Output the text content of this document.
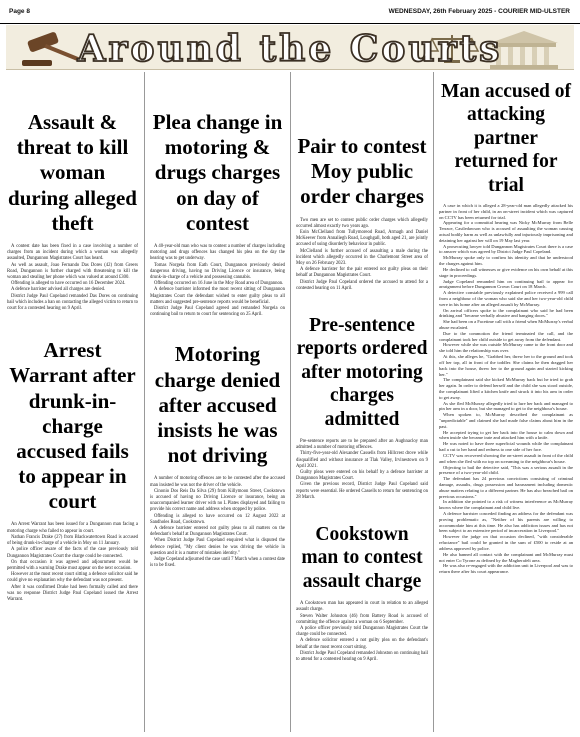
Page 8	WEDNESDAY, 26th February 2025 - COURIER MID-ULSTER
Around the Courts
Assault & threat to kill woman during alleged theft

A contest date has been fixed in a case involving a number of charges from an incident during which a woman was allegedly assaulted, Dungannon Magistrates Court has heard.

As well as assault, Joao Fernando Das Dores (42) from Greers Road, Dungannon is further charged with threatening to kill the woman and stealing her phone which was valued at around £300.

Offending is alleged to have occurred on 16 December 2024.

A defence barrister advised all charges are denied.

District Judge Paul Copeland remanded Das Dores on continuing bail which includes a ban on contacting the alleged victim to return to court for a contested hearing on 9 April.

Arrest Warrant after drunk-in-charge accused fails to appear in court

An Arrest Warrant has been issued for a Dungannon man facing a motoring charge who failed to appear in court.

Nathan Francis Drake (27) from Blackwatertown Road is accused of being drunk-in-charge of a vehicle in Moy on 11 January.

A police officer aware of the facts of the case previously told Dungannon Magistrates Court the charge could be connected.

On that occasion it was agreed and adjournment would be permitted with a warning Drake must appear on the next occasion.

However at the most recent court sitting a defence solicitor said he could give no explanation why the defendant was not present.

After it was confirmed Drake had been formally called and there was no response District Judge Paul Copeland issued the Arrest Warrant.

Plea change in motoring & drugs charges on day of contest

A 40-year-old man who was to contest a number of charges including motoring and drugs offences has changed his plea on the day the hearing was to get underway.

Tomas Norgela from Eath Court, Dungannon previously denied dangerous driving, having no Driving Licence or insurance, being drunk-in-charge of a vehicle and possessing cannabis.

Offending occurred on 16 June in the Moy Road area of Dungannon.

A defence barrister informed the most recent sitting of Dungannon Magistrates Court the defendant wished to enter guilty pleas to all matters and suggested pre-sentence reports would be beneficial.

District Judge Paul Copeland agreed and remanded Norgela on continuing bail to return to court for sentencing on 25 April.

Motoring charge denied after accused insists he was not driving

A number of motoring offences are to be contested after the accused man insisted he was not the driver of the vehicle.

Cinonio Dos Reis Da Silva (29) from Killymoon Street, Cookstown is accused of having no Driving Licence or insurance, being an unaccompanied learner driver with no L Plates displayed and failing to provide his correct name and address when stopped by police.

Offending is alleged to have occurred on 12 August 2022 at Sandholes Road, Cookstown.

A defence barrister entered not guilty pleas to all matters on the defendant's behalf at Dungannon Magistrates Court.

When District Judge Paul Copeland enquired what is disputed the defence replied, "My client denies he was driving the vehicle in question and it is a matter of mistaken identity."

Judge Copeland adjourned the case until 7 March when a contest date is to be fixed.

Pair to contest Moy public order charges

Two men are set to contest public order charges which allegedly occurred almost exactly two years ago.

Eoin McClelland from Tullymoreod Road, Armagh and Daniel McKeever from Annaliegh Road, Loughgall, both aged 21, are jointly accused of using disorderly behaviour in public.

McClelland is further accused of assaulting a male during the incident which allegedly occurred in the Charlemont Street area of Moy on 26 February 2023.

A defence barrister for the pair entered not guilty pleas on their behalf at Dungannon Magistrates Court.

District Judge Paul Copeland ordered the accused to attend for a contested hearing on 11 April.

Pre-sentence reports ordered after motoring charges admitted

Pre-sentence reports are to be prepared after an Aughnacloy man admitted a number of motoring offences.

Thirty-five-year-old Alexander Cassells from Hillcrest drove while disqualified and without insurance at Tlak Valley, Irvinestown on 9 April 2021.

Guilty pleas were entered on his behalf by a defence barrister at Dungannon Magistrates Court.

Given the previous record, District Judge Paul Copeland said reports were essential. He ordered Cassells to return for sentencing on 28 March.

Cookstown man to contest assault charge

A Cookstown man has appeared in court in relation to an alleged assault charge.

Steven Walter Johnston (46) from Battery Road is accused of committing the offence against a woman on 6 September.

A police officer previously told Dungannon Magistrates Court the charge could be connected.

A defence solicitor entered a not guilty plea on the defendant's behalf at the most recent court sitting.

District Judge Paul Copeland remanded Johnston on continuing bail to attend for a contested hearing on 9 April.

Man accused of attacking partner returned for trial

A case in which it is alleged a 28-year-old man allegedly attacked his partner in front of her child, in an on-street incident which was captured on CCTV has been returned for trial.

Appearing for a committal hearing was Nicky McMurray from Belle Terrace, Castledawson who is accused of assaulting the woman causing actual bodily harm as well as unlawfully and injuriously imprisoning and detaining her against her will on 19 May last year.

A prosecuting lawyer told Dungannon Magistrates Court there is a case to answer which was agreed by District Judge Paul Copeland.

McMurray spoke only to confirm his identity and that he understood the charges against him.

He declined to call witnesses or give evidence on his own behalf at this stage in proceedings.

Judge Copeland remanded him on continuing bail to appear for arraignment before Dungannon Crown Court on 18 March.

A detective constable previously explained police received a 999 call from a neighbour of the woman who said she and her two-year-old child were in his home after an alleged assault by McMurray.

On arrival officers spoke to the complainant who said he had been drinking and "became verbally abusive and banging doors."

She had been on a Facetime call with a friend when McMurray's verbal abuse escalated.

Due to the commotion the friend terminated the call, and the complainant took her child outside to get away from the defendant.

However while she was outside McMurray came to the front door and she told him the relationship was over.

At this, she alleges he, "Grabbed her, threw her to the ground and took off her top, all in front of the toddler. She claims he then dragged her back into the house, threw her to the ground again and started kicking her."

The complainant said she kicked McMurray back but he tried to grab her again. In order to defend herself and the child she was stood outside, the complainant lifted a kitchen knife and struck it into his arm in order to get away.

As she fled McMurray allegedly tried to lure her back and managed to pin her arm in a door, but she managed to get to the neighbour's house.

When spoken to, McMurray described the complainant as "unpredictable" and claimed she had made false claims about him in the past.

He accepted trying to get her back into the house to calm down and when inside she became irate and attacked him with a knife.

He was noted to have three superficial wounds while the complainant had a cut to her hand and redness to one side of her face.

CCTV was recovered showing the on-street assault in front of the child and when she fled with no top on screaming to the neighbour's house.

Objecting to bail the detective said, "This was a serious assault in the presence of a two-year-old child.

The defendant has 24 previous convictions consisting of criminal damage, assaults, drugs possession and harassment including domestic abuse matters relating to a different partner. He has also breached bail on previous occasions."

In addition she pointed to a risk of witness interference as McMurray knows where the complainant and child live.

A defence barrister conceded finding an address for the defendant was proving problematic as, "Neither of his parents are willing to accommodate him at this time. He also has addiction issues and has not been subject to an extensive period of incarceration in Liverpool."

However the judge on that occasion declined, "with considerable reluctance" bail could be granted in the sum of £500 to reside at an address approved by police.

He also banned all contact with the complainant and McMurray must not enter Co Tyrone as defined by the Magherafelt area.

He was also re-engaged with the addiction unit in Liverpool and was to return there after his court appearance.
